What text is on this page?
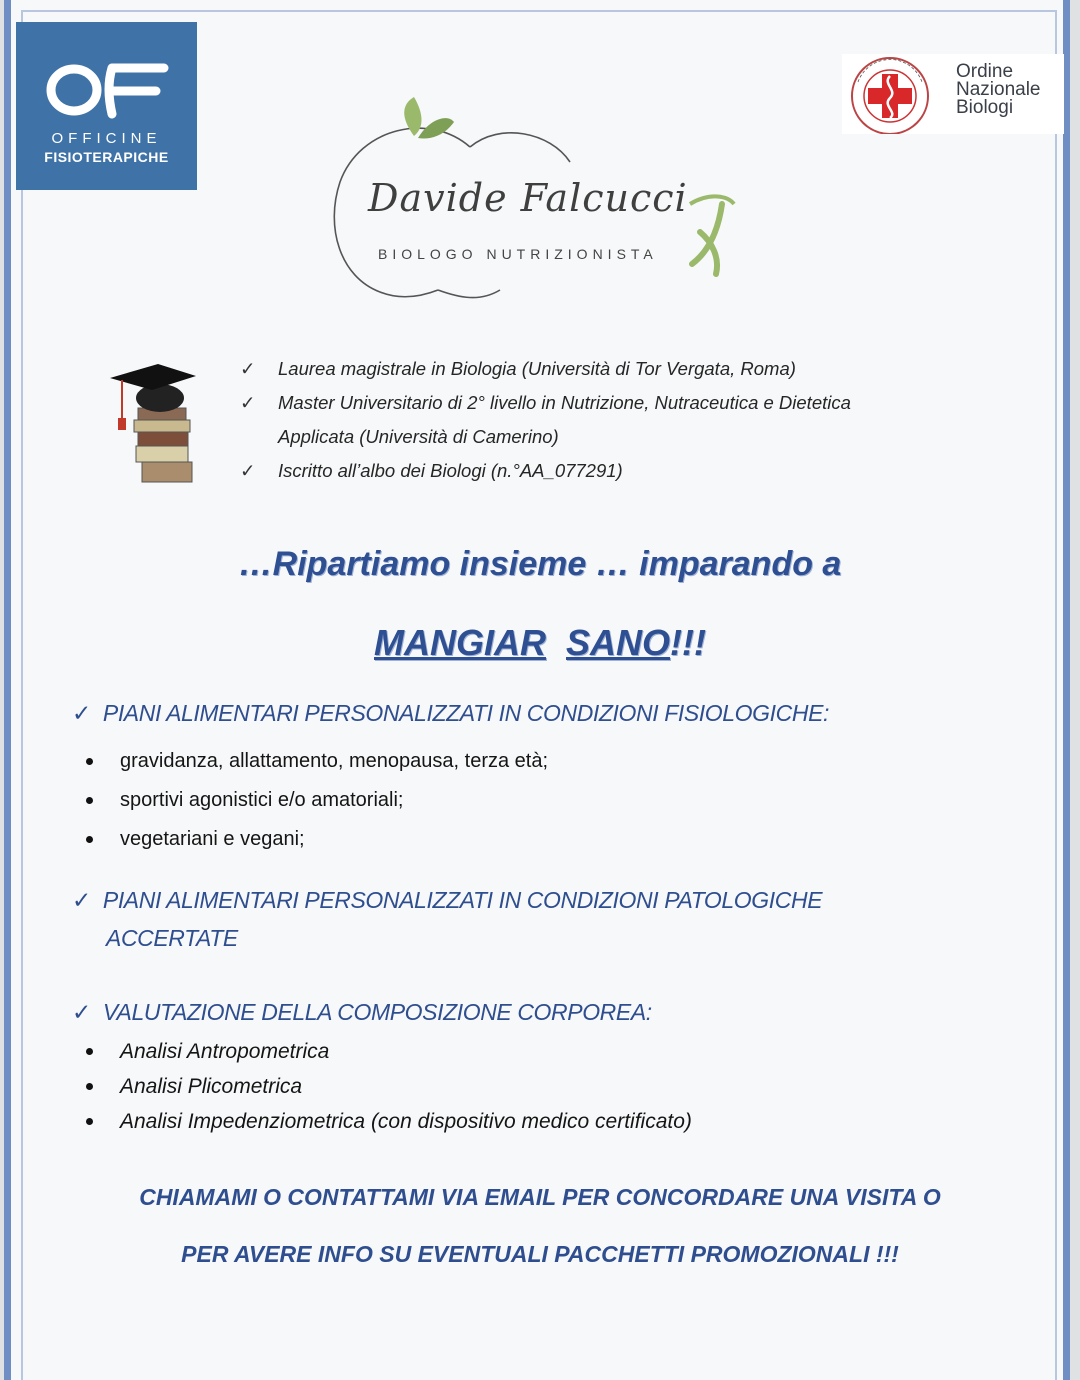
OFFICINE
FISIOTERAPICHE
Ordine
Nazionale
Biologi
Davide Falcucci
BIOLOGO NUTRIZIONISTA
✓ Laurea magistrale in Biologia (Università di Tor Vergata, Roma)
✓ Master Universitario di 2° livello in Nutrizione, Nutraceutica e Dietetica
Applicata (Università di Camerino)
✓ Iscritto all’albo dei Biologi (n.°AA_077291)
…Ripartiamo insieme … imparando a
MANGIAR SANO!!!
✓ PIANI ALIMENTARI PERSONALIZZATI IN CONDIZIONI FISIOLOGICHE:
gravidanza, allattamento, menopausa, terza età;
sportivi agonistici e/o amatoriali;
vegetariani e vegani;
✓ PIANI ALIMENTARI PERSONALIZZATI IN CONDIZIONI PATOLOGICHE
ACCERTATE
✓ VALUTAZIONE DELLA COMPOSIZIONE CORPOREA:
Analisi Antropometrica
Analisi Plicometrica
Analisi Impedenziometrica (con dispositivo medico certificato)
CHIAMAMI O CONTATTAMI VIA EMAIL PER CONCORDARE UNA VISITA O
PER AVERE INFO SU EVENTUALI PACCHETTI PROMOZIONALI !!!
